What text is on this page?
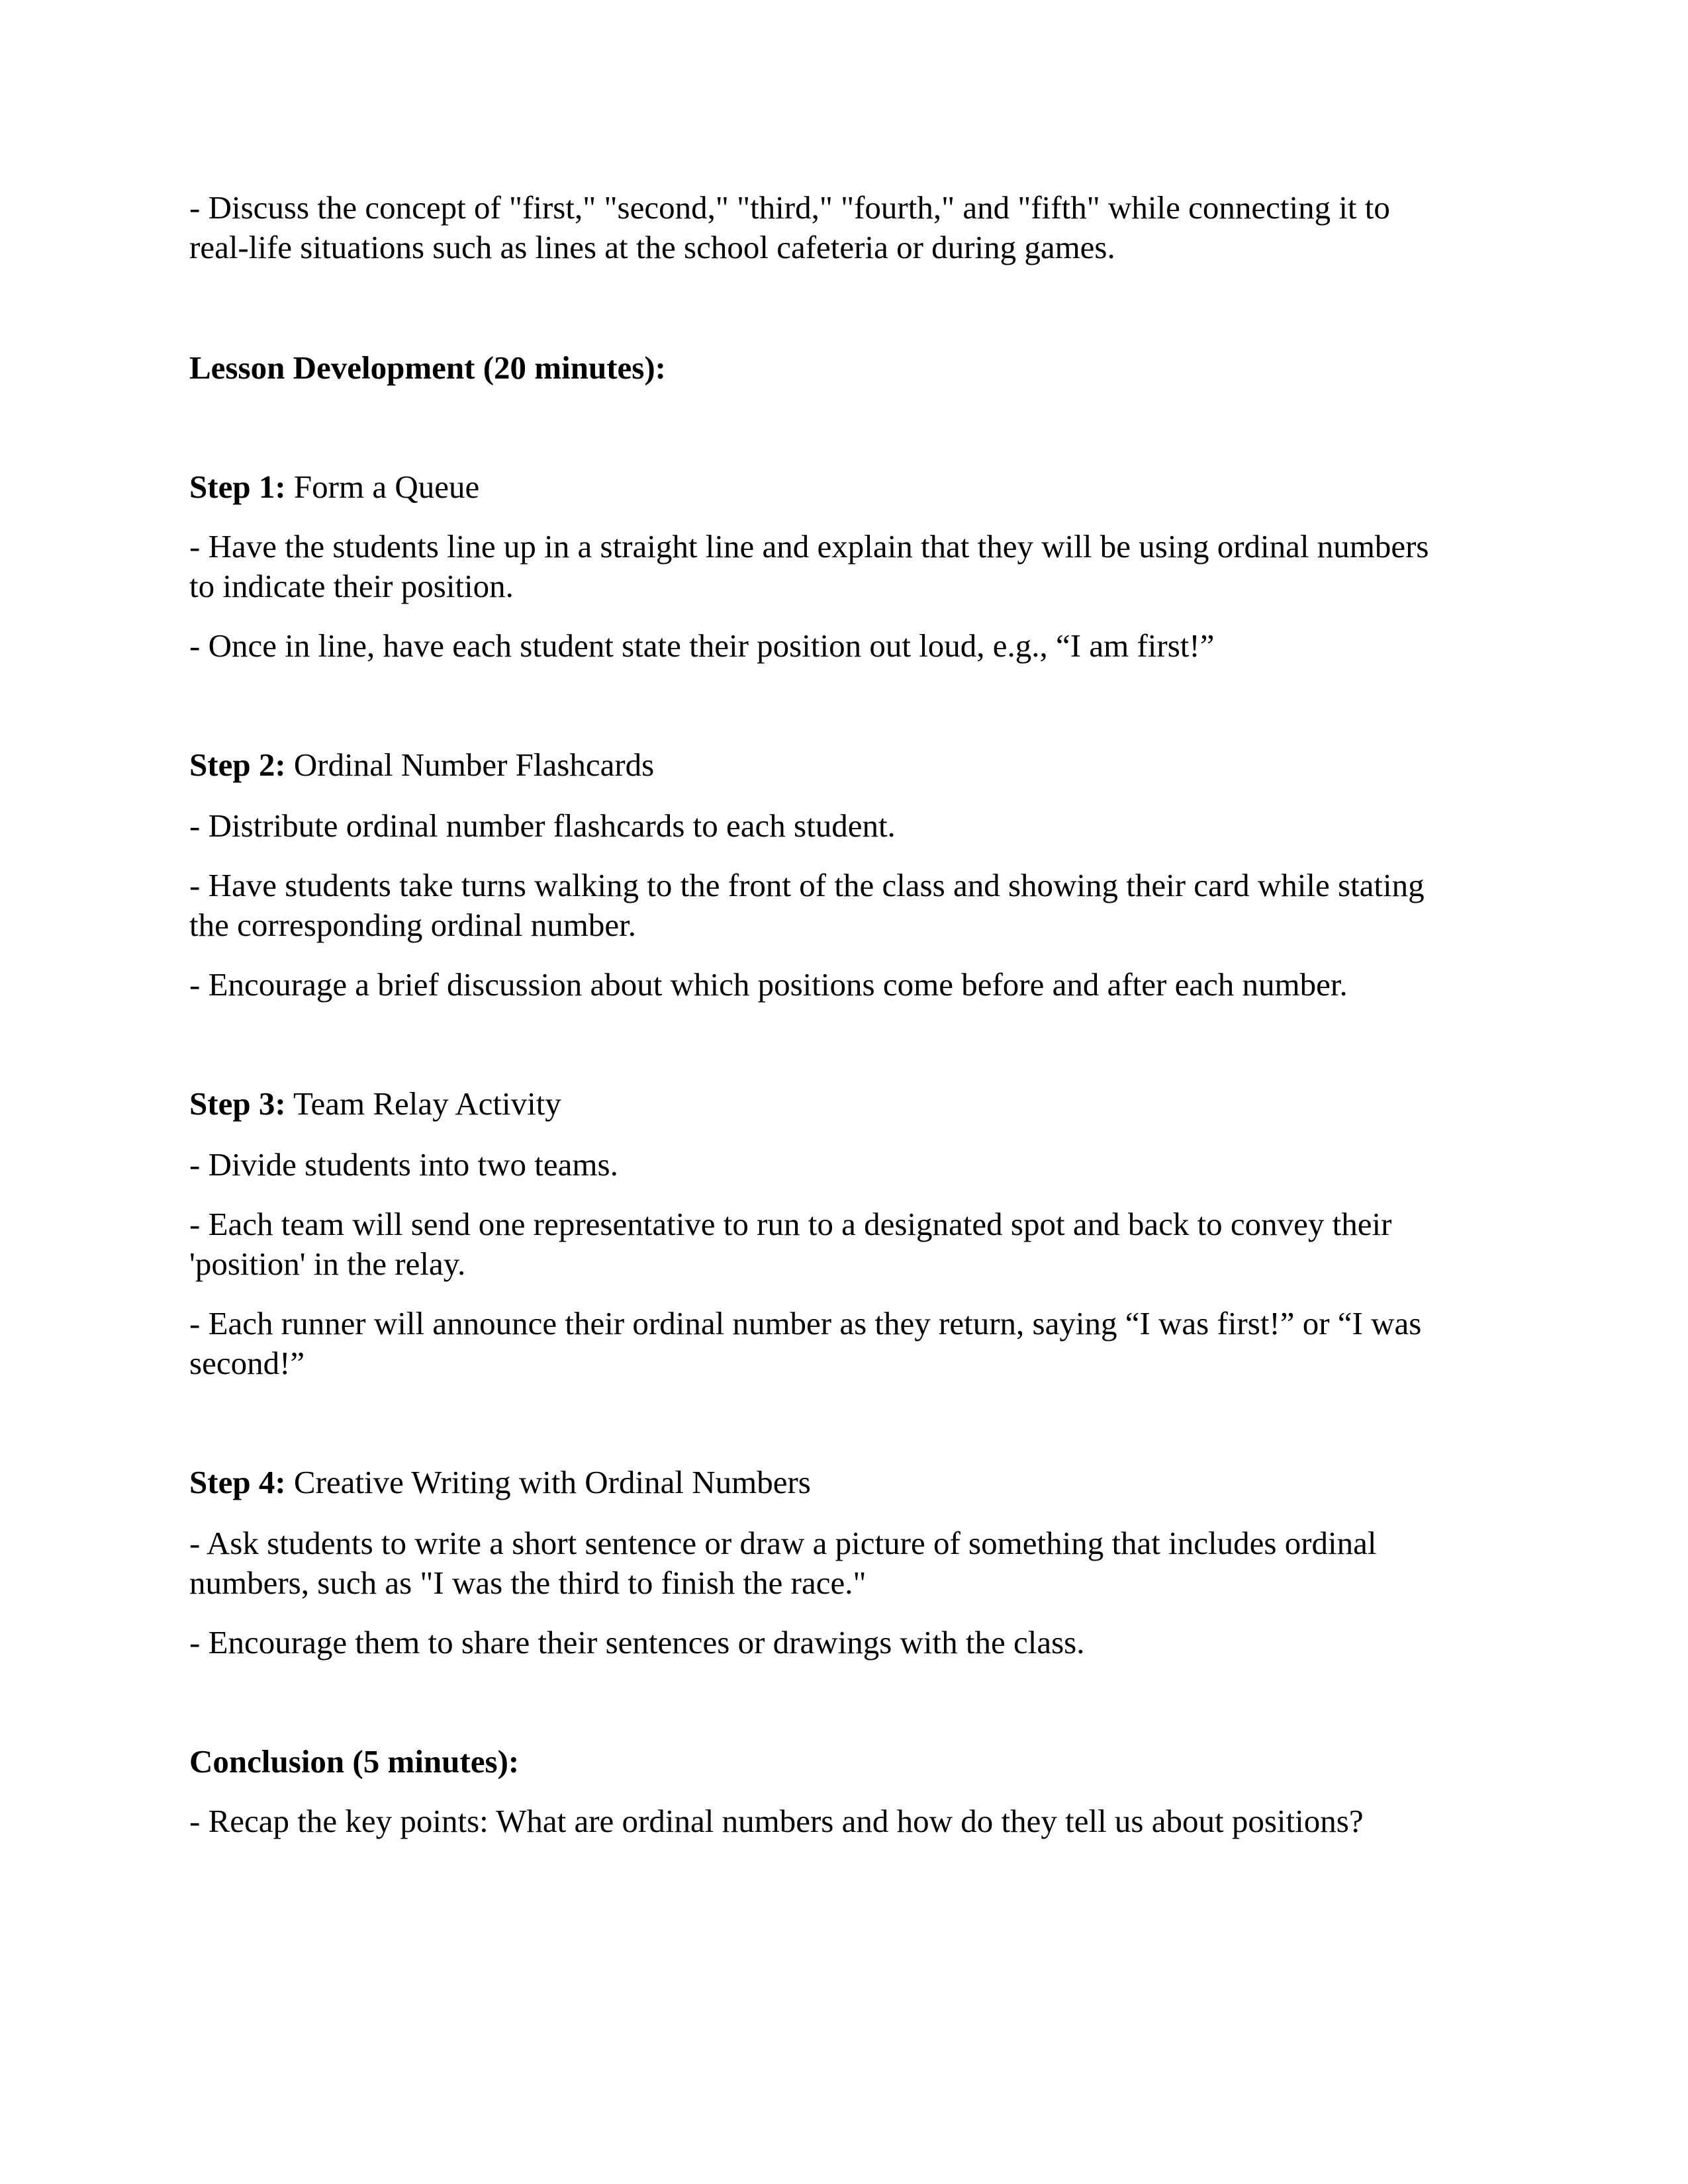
- Discuss the concept of "first," "second," "third," "fourth," and "fifth" while connecting it to
real-life situations such as lines at the school cafeteria or during games.
Lesson Development (20 minutes):
Step 1: Form a Queue
- Have the students line up in a straight line and explain that they will be using ordinal numbers
to indicate their position.
- Once in line, have each student state their position out loud, e.g., “I am first!”
Step 2: Ordinal Number Flashcards
- Distribute ordinal number flashcards to each student.
- Have students take turns walking to the front of the class and showing their card while stating
the corresponding ordinal number.
- Encourage a brief discussion about which positions come before and after each number.
Step 3: Team Relay Activity
- Divide students into two teams.
- Each team will send one representative to run to a designated spot and back to convey their
'position' in the relay.
- Each runner will announce their ordinal number as they return, saying “I was first!” or “I was
second!”
Step 4: Creative Writing with Ordinal Numbers
- Ask students to write a short sentence or draw a picture of something that includes ordinal
numbers, such as "I was the third to finish the race."
- Encourage them to share their sentences or drawings with the class.
Conclusion (5 minutes):
- Recap the key points: What are ordinal numbers and how do they tell us about positions?
